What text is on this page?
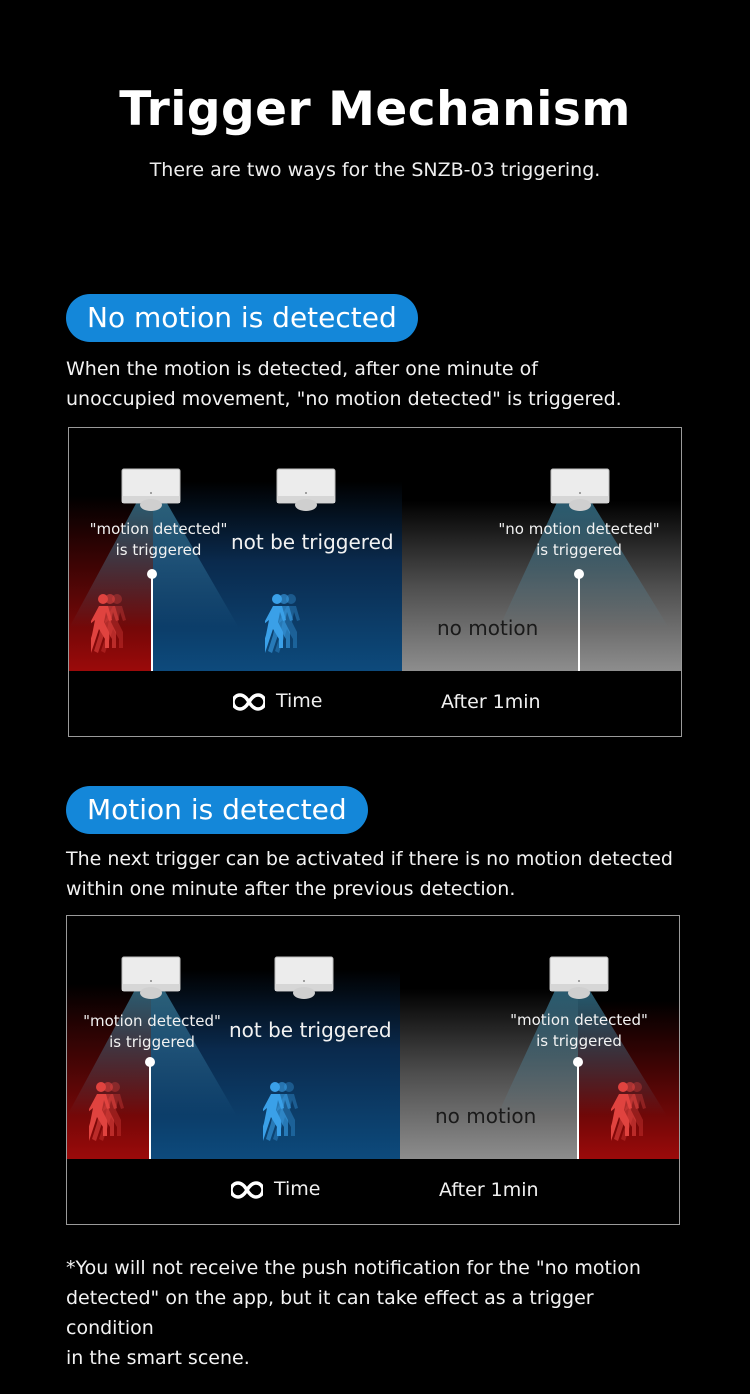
Trigger Mechanism
There are two ways for the SNZB-03 triggering.
No motion is detected
When the motion is detected, after one minute of
unoccupied movement, "no motion detected" is triggered.
"motion detected"
is triggered	not be triggered
"no motion detected"
is triggered
no motion
Time	After 1min
Motion is detected
The next trigger can be activated if there is no motion detected
within one minute after the previous detection.
"motion detected"
is triggered	not be triggered	"motion detected"
is triggered
no motion
Time	After 1min
*You will not receive the push notification for the "no motion
detected" on the app, but it can take effect as a trigger condition
in the smart scene.
